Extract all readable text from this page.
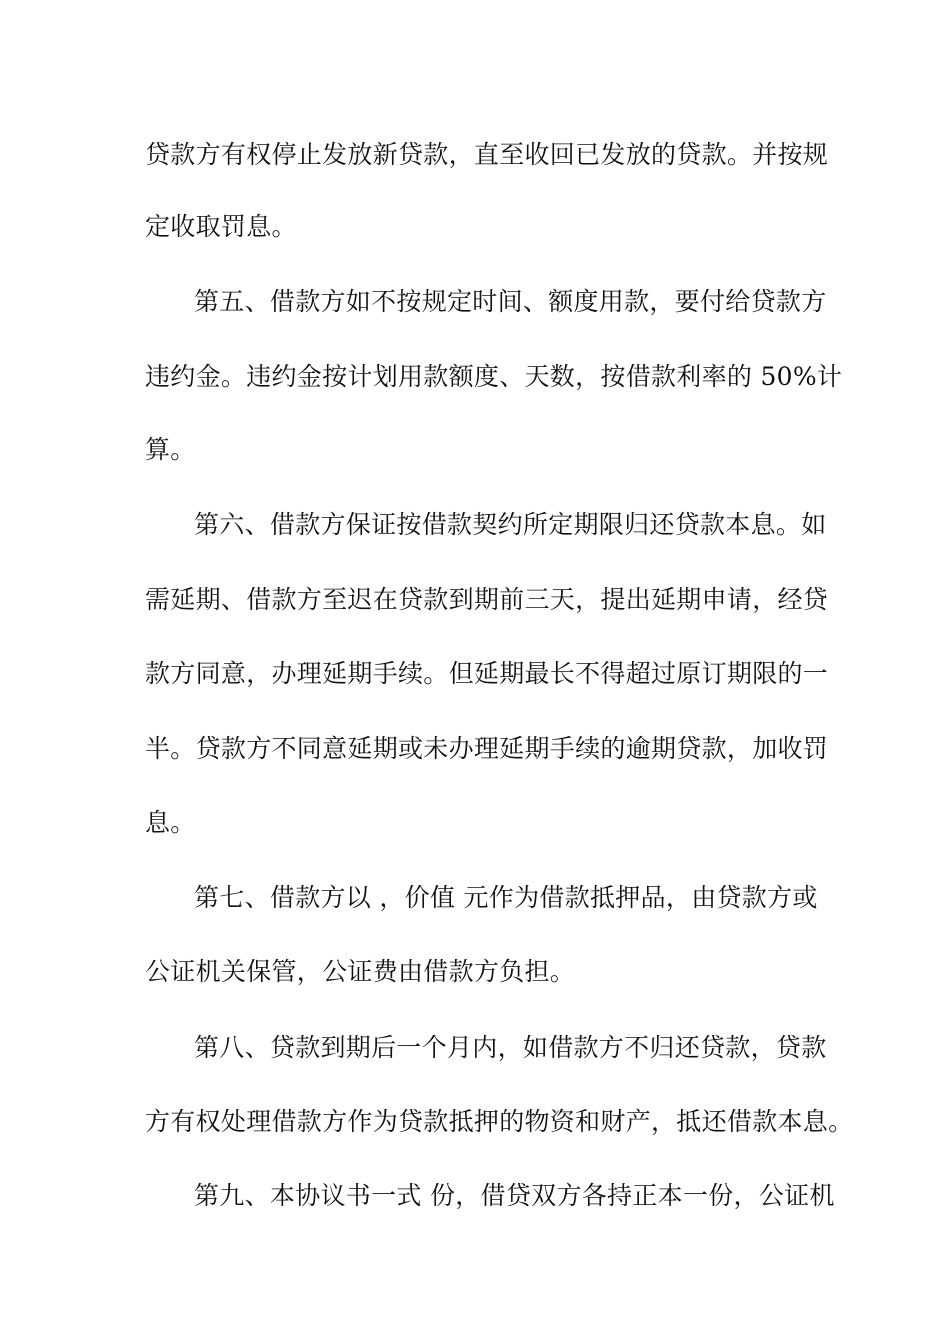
贷款方有权停止发放新贷款，直至收回已发放的贷款。并按规

定收取罚息。

第五、借款方如不按规定时间、额度用款，要付给贷款方

违约金。违约金按计划用款额度、天数，按借款利率的 50%计

算。

第六、借款方保证按借款契约所定期限归还贷款本息。如

需延期、借款方至迟在贷款到期前三天，提出延期申请，经贷

款方同意，办理延期手续。但延期最长不得超过原订期限的一

半。贷款方不同意延期或未办理延期手续的逾期贷款，加收罚

息。

第七、借款方以 ，价值 元作为借款抵押品，由贷款方或

公证机关保管，公证费由借款方负担。

第八、贷款到期后一个月内，如借款方不归还贷款，贷款

方有权处理借款方作为贷款抵押的物资和财产，抵还借款本息。

第九、本协议书一式 份，借贷双方各持正本一份，公证机
